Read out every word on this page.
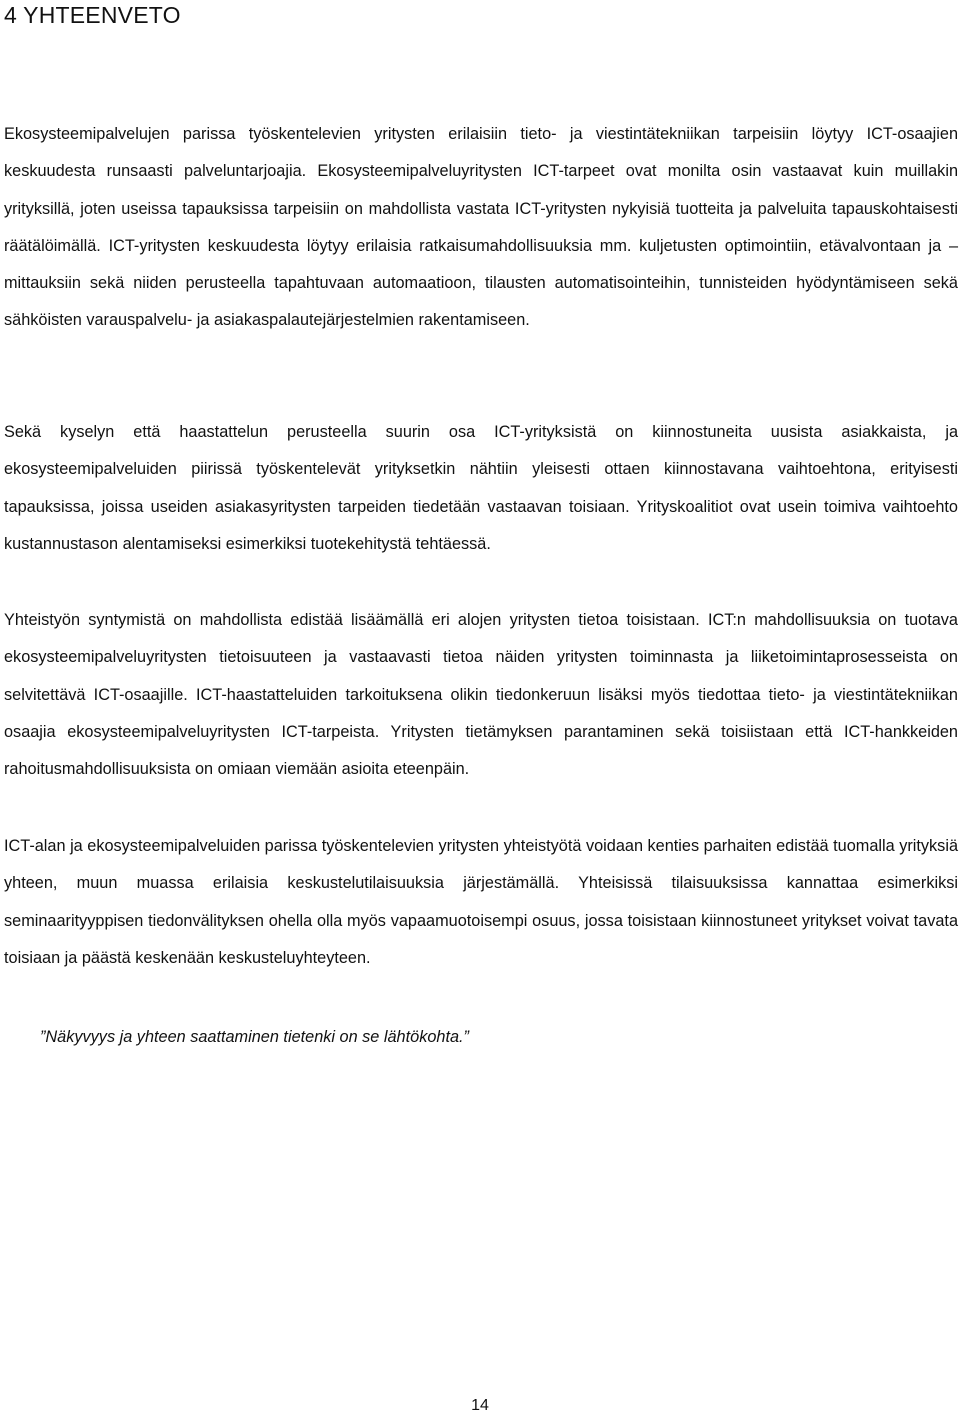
4 YHTEENVETO

Ekosysteemipalvelujen parissa työskentelevien yritysten erilaisiin tieto- ja viestintätekniikan tarpeisiin löytyy ICT-osaajien keskuudesta runsaasti palveluntarjoajia. Ekosysteemipalveluyritysten ICT-tarpeet ovat monilta osin vastaavat kuin muillakin yrityksillä, joten useissa tapauksissa tarpeisiin on mahdollista vastata ICT-yritysten nykyisiä tuotteita ja palveluita tapauskohtaisesti räätälöimällä. ICT-yritysten keskuudesta löytyy erilaisia ratkaisumahdollisuuksia mm. kuljetusten optimointiin, etävalvontaan ja –mittauksiin sekä niiden perusteella tapahtuvaan automaatioon, tilausten automatisointeihin, tunnisteiden hyödyntämiseen sekä sähköisten varauspalvelu- ja asiakaspalautejärjestelmien rakentamiseen.

Sekä kyselyn että haastattelun perusteella suurin osa ICT-yrityksistä on kiinnostuneita uusista asiakkaista, ja ekosysteemipalveluiden piirissä työskentelevät yrityksetkin nähtiin yleisesti ottaen kiinnostavana vaihtoehtona, erityisesti tapauksissa, joissa useiden asiakasyritysten tarpeiden tiedetään vastaavan toisiaan. Yrityskoalitiot ovat usein toimiva vaihtoehto kustannustason alentamiseksi esimerkiksi tuotekehitystä tehtäessä.

Yhteistyön syntymistä on mahdollista edistää lisäämällä eri alojen yritysten tietoa toisistaan. ICT:n mahdollisuuksia on tuotava ekosysteemipalveluyritysten tietoisuuteen ja vastaavasti tietoa näiden yritysten toiminnasta ja liiketoimintaprosesseista on selvitettävä ICT-osaajille. ICT-haastatteluiden tarkoituksena olikin tiedonkeruun lisäksi myös tiedottaa tieto- ja viestintätekniikan osaajia ekosysteemipalveluyritysten ICT-tarpeista. Yritysten tietämyksen parantaminen sekä toisiistaan että ICT-hankkeiden rahoitusmahdollisuuksista on omiaan viemään asioita eteenpäin.

ICT-alan ja ekosysteemipalveluiden parissa työskentelevien yritysten yhteistyötä voidaan kenties parhaiten edistää tuomalla yrityksiä yhteen, muun muassa erilaisia keskustelutilaisuuksia järjestämällä. Yhteisissä tilaisuuksissa kannattaa esimerkiksi seminaarityyppisen tiedonvälityksen ohella olla myös vapaamuotoisempi osuus, jossa toisistaan kiinnostuneet yritykset voivat tavata toisiaan ja päästä keskenään keskusteluyhteyteen.

”Näkyvyys ja yhteen saattaminen tietenki on se lähtökohta.”

14
